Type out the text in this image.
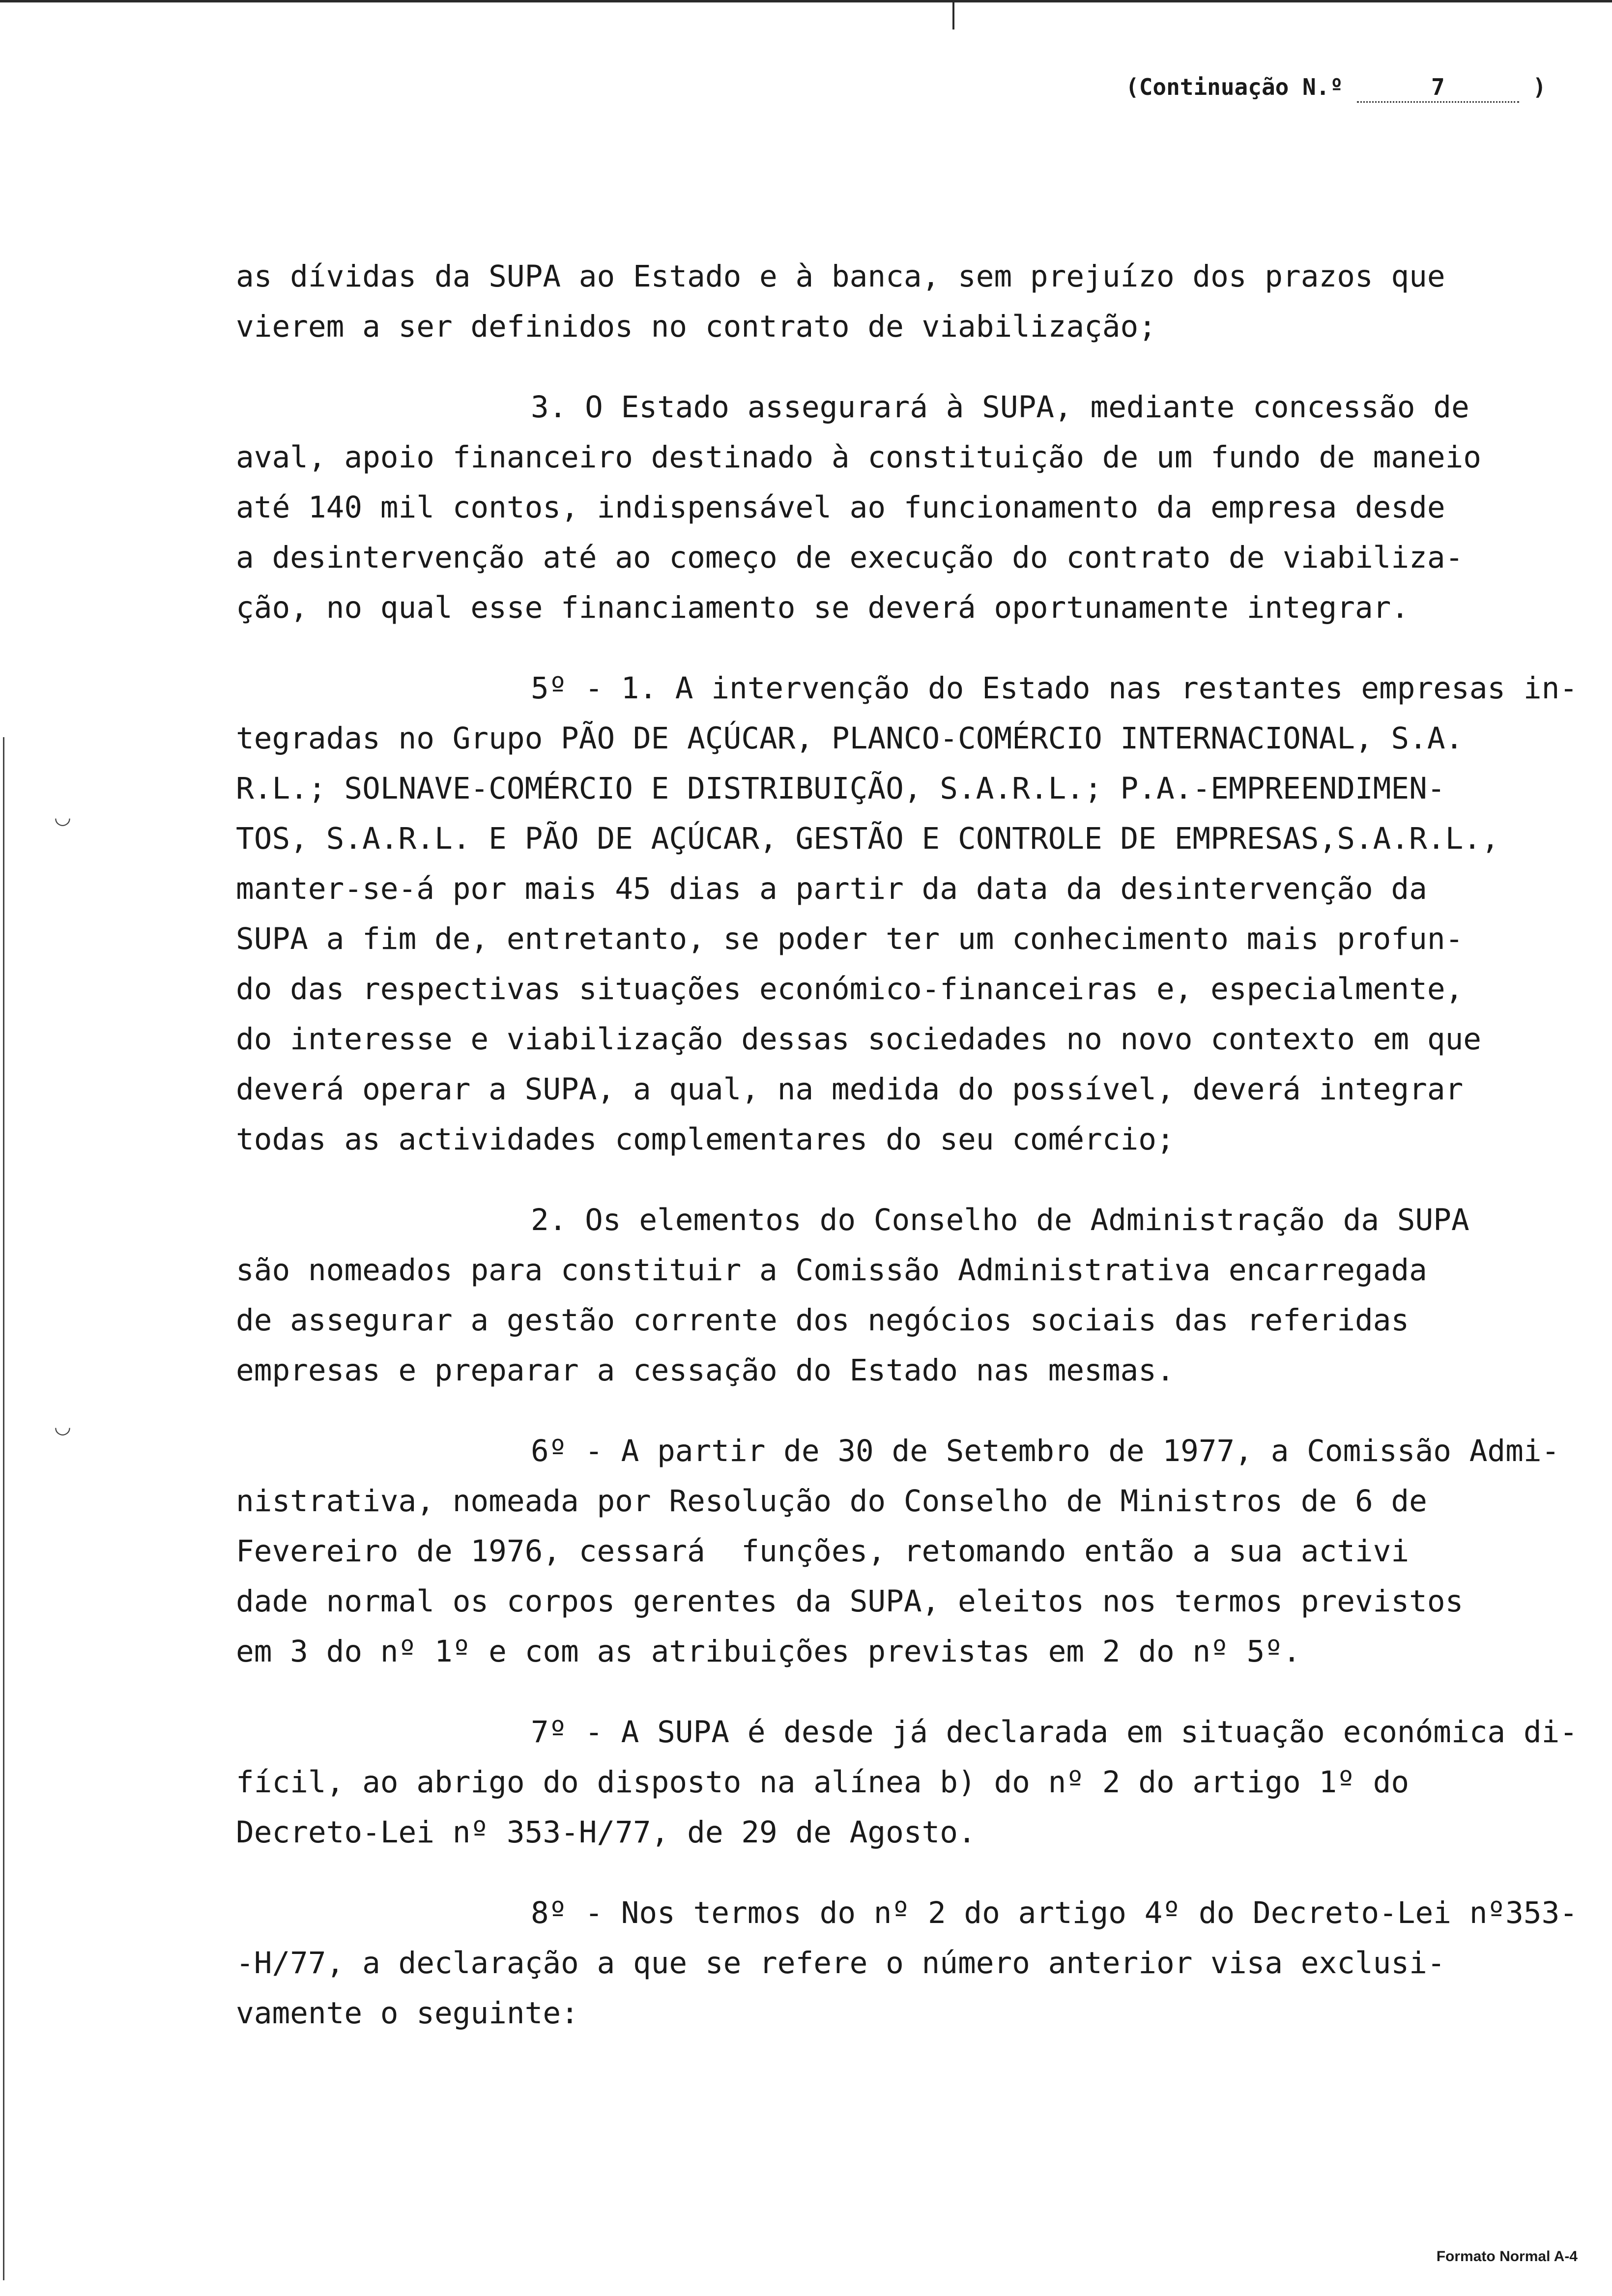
(Continuação N.º	7	)
◡
◡
as dívidas da SUPA ao Estado e à banca, sem prejuízo dos prazos que
vierem a ser definidos no contrato de viabilização;
3. O Estado assegurará à SUPA, mediante concessão de
aval, apoio financeiro destinado à constituição de um fundo de maneio
até 140 mil contos, indispensável ao funcionamento da empresa desde
a desintervenção até ao começo de execução do contrato de viabiliza-
ção, no qual esse financiamento se deverá oportunamente integrar.
5º - 1. A intervenção do Estado nas restantes empresas in-
tegradas no Grupo PÃO DE AÇÚCAR, PLANCO-COMÉRCIO INTERNACIONAL, S.A.
R.L.; SOLNAVE-COMÉRCIO E DISTRIBUIÇÃO, S.A.R.L.; P.A.-EMPREENDIMEN-
TOS, S.A.R.L. E PÃO DE AÇÚCAR, GESTÃO E CONTROLE DE EMPRESAS,S.A.R.L.,
manter-se-á por mais 45 dias a partir da data da desintervenção da
SUPA a fim de, entretanto, se poder ter um conhecimento mais profun-
do das respectivas situações económico-financeiras e, especialmente,
do interesse e viabilização dessas sociedades no novo contexto em que
deverá operar a SUPA, a qual, na medida do possível, deverá integrar
todas as actividades complementares do seu comércio;
2. Os elementos do Conselho de Administração da SUPA
são nomeados para constituir a Comissão Administrativa encarregada
de assegurar a gestão corrente dos negócios sociais das referidas
empresas e preparar a cessação do Estado nas mesmas.
6º - A partir de 30 de Setembro de 1977, a Comissão Admi-
nistrativa, nomeada por Resolução do Conselho de Ministros de 6 de
Fevereiro de 1976, cessará  funções, retomando então a sua activi
dade normal os corpos gerentes da SUPA, eleitos nos termos previstos
em 3 do nº 1º e com as atribuições previstas em 2 do nº 5º.
7º - A SUPA é desde já declarada em situação económica di-
fícil, ao abrigo do disposto na alínea b) do nº 2 do artigo 1º do
Decreto-Lei nº 353-H/77, de 29 de Agosto.
8º - Nos termos do nº 2 do artigo 4º do Decreto-Lei nº353-
-H/77, a declaração a que se refere o número anterior visa exclusi-
vamente o seguinte:
Formato Normal A-4
